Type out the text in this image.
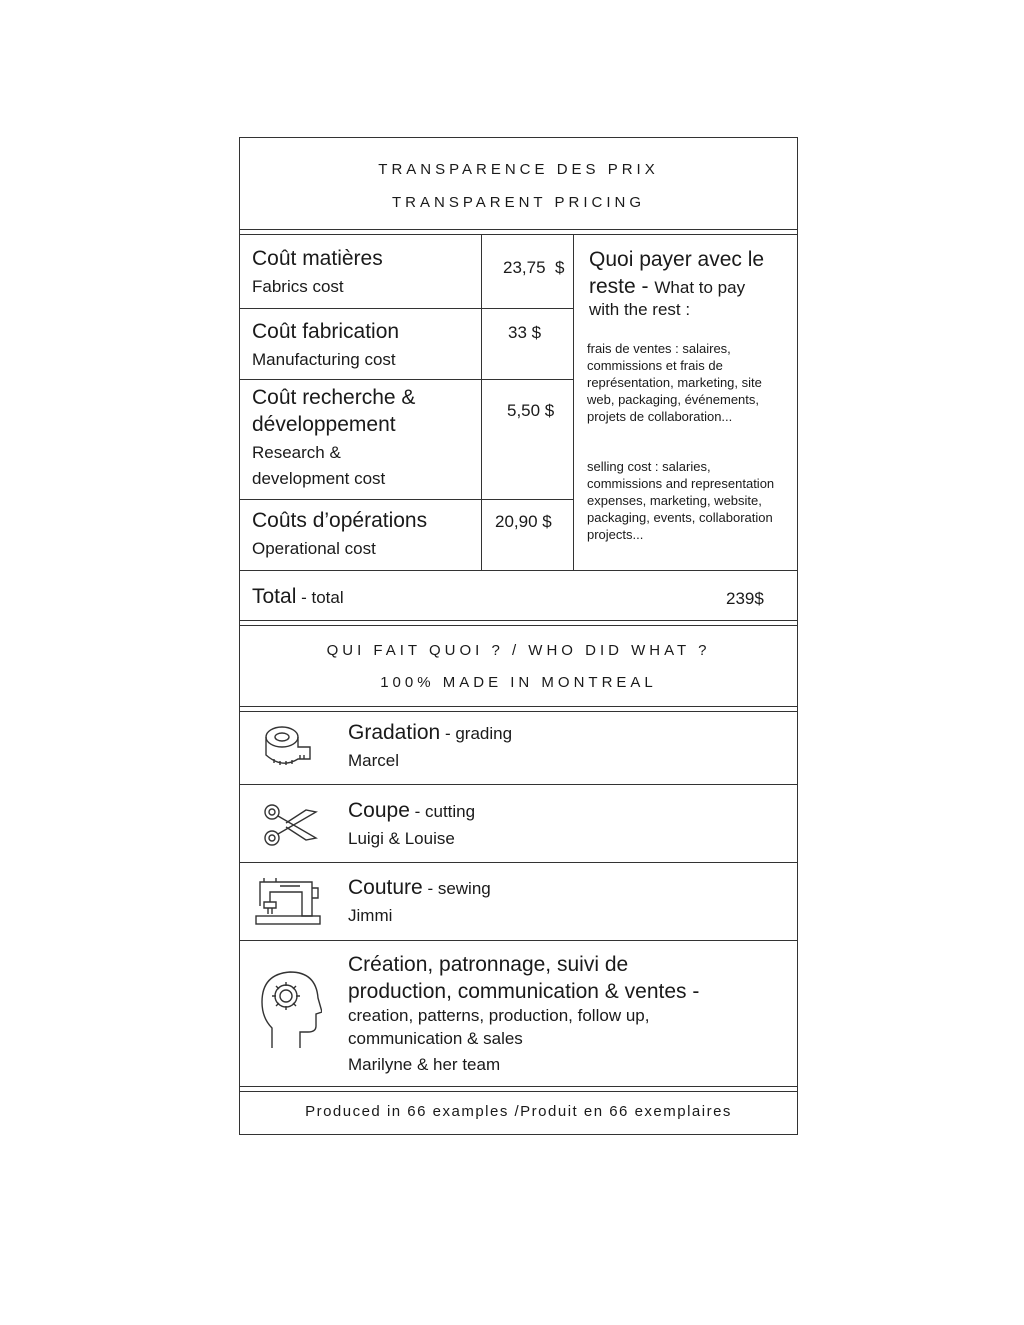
TRANSPARENCE DES PRIX
TRANSPARENT PRICING
Coût matières
Fabrics cost
23,75  $
Coût fabrication
Manufacturing cost
33 $
Coût recherche &
développement
Research &
development cost
5,50 $
Coûts d’opérations
Operational cost
20,90 $
Quoi payer avec le
reste - What to pay
with the rest :
frais de ventes : salaires, commissions et frais de représentation, marketing, site web, packaging, événements, projets de collaboration...
selling cost : salaries, commissions and representation expenses, marketing, website, packaging, events, collaboration projects...
Total - total	239$
QUI FAIT QUOI ? / WHO DID WHAT ?
100% MADE IN MONTREAL
Gradation - grading
Marcel
Coupe - cutting
Luigi & Louise
Couture - sewing
Jimmi
Création, patronnage, suivi de
production, communication & ventes -
creation, patterns, production, follow up,
communication & sales
Marilyne & her team
Produced in 66 examples /Produit en 66 exemplaires
